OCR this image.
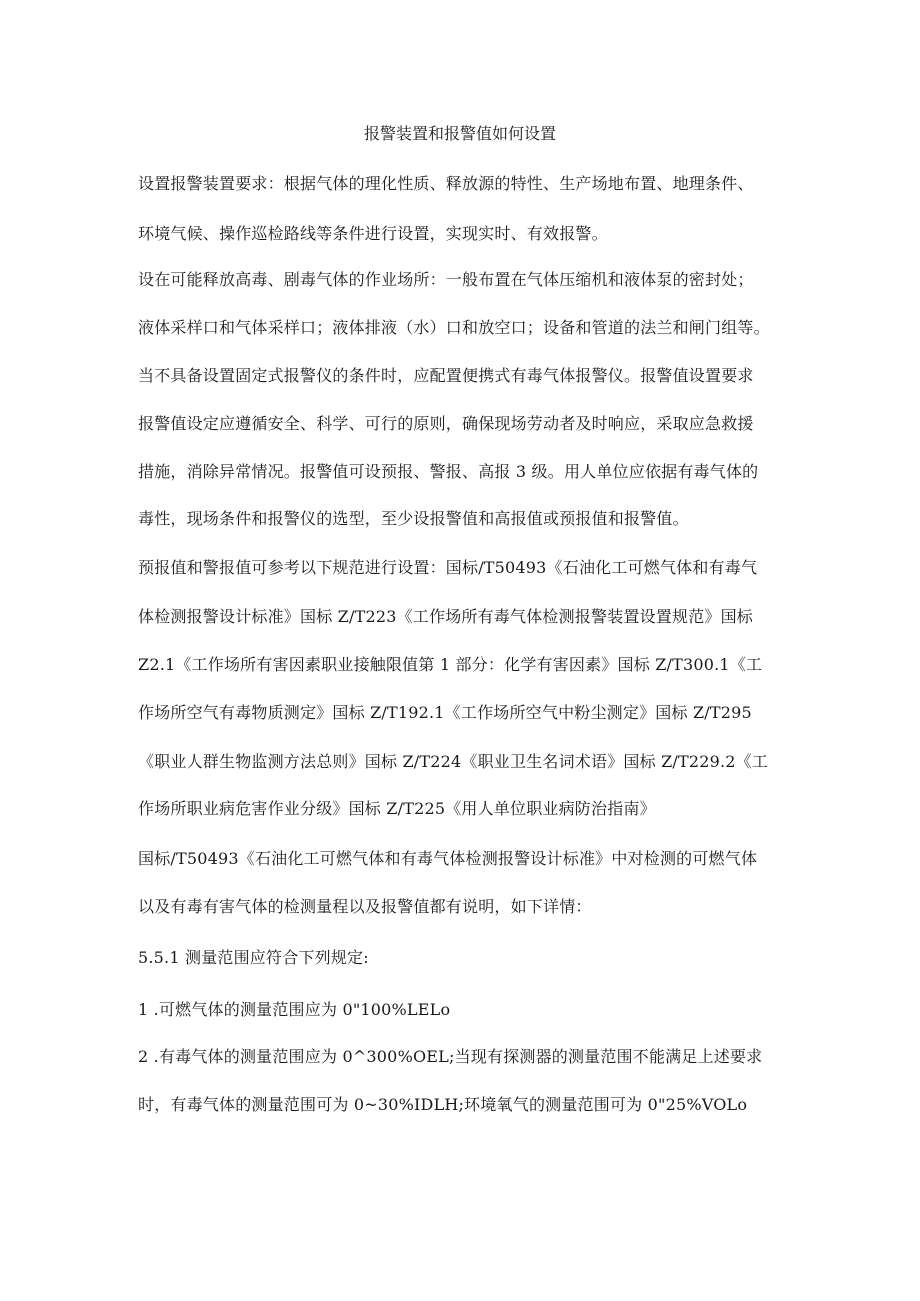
报警装置和报警值如何设置
设置报警装置要求：根据气体的理化性质、释放源的特性、生产场地布置、地理条件、
环境气候、操作巡检路线等条件进行设置，实现实时、有效报警。
设在可能释放高毒、剧毒气体的作业场所：一般布置在气体压缩机和液体泵的密封处；
液体采样口和气体采样口；液体排液（水）口和放空口；设备和管道的法兰和闸门组等。
当不具备设置固定式报警仪的条件时，应配置便携式有毒气体报警仪。报警值设置要求
报警值设定应遵循安全、科学、可行的原则，确保现场劳动者及时响应，采取应急救援
措施，消除异常情况。报警值可设预报、警报、高报 3 级。用人单位应依据有毒气体的
毒性，现场条件和报警仪的选型，至少设报警值和高报值或预报值和报警值。
预报值和警报值可参考以下规范进行设置：国标/T50493《石油化工可燃气体和有毒气
体检测报警设计标准》国标 Z/T223《工作场所有毒气体检测报警装置设置规范》国标
Z2.1《工作场所有害因素职业接触限值第 1 部分：化学有害因素》国标 Z/T300.1《工
作场所空气有毒物质测定》国标 Z/T192.1《工作场所空气中粉尘测定》国标 Z/T295
《职业人群生物监测方法总则》国标 Z/T224《职业卫生名词术语》国标 Z/T229.2《工
作场所职业病危害作业分级》国标 Z/T225《用人单位职业病防治指南》
国标/T50493《石油化工可燃气体和有毒气体检测报警设计标准》中对检测的可燃气体
以及有毒有害气体的检测量程以及报警值都有说明，如下详情：
5.5.1 测量范围应符合下列规定:
1 .可燃气体的测量范围应为 0"100%LELo
2 .有毒气体的测量范围应为 0^300%OEL;当现有探测器的测量范围不能满足上述要求
时，有毒气体的测量范围可为 0~30%IDLH;环境氧气的测量范围可为 0"25%VOLo
